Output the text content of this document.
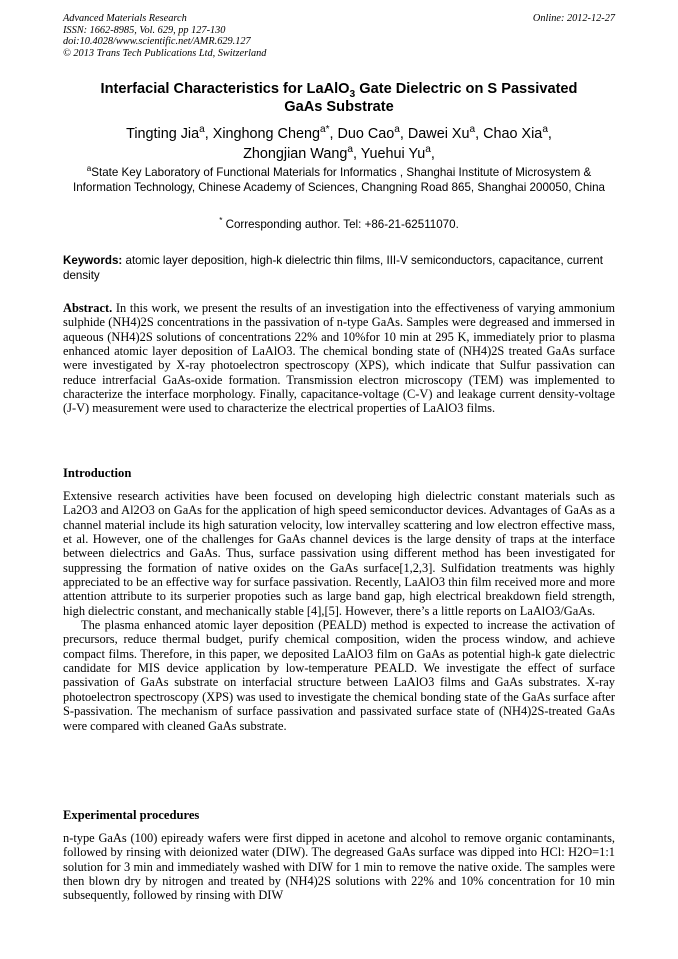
Advanced Materials Research
ISSN: 1662-8985, Vol. 629, pp 127-130
doi:10.4028/www.scientific.net/AMR.629.127
© 2013 Trans Tech Publications Ltd, Switzerland
Online: 2012-12-27
Interfacial Characteristics for LaAlO$_3$ Gate Dielectric on S Passivated
GaAs Substrate
Tingting Jia$^a$, Xinghong Cheng$^{a*}$, Duo Cao$^a$, Dawei Xu$^a$, Chao Xia$^a$,
Zhongjian Wang$^a$, Yuehui Yu$^a$,
$^a$State Key Laboratory of Functional Materials for Informatics , Shanghai Institute of Microsystem & Information Technology, Chinese Academy of Sciences, Changning Road 865, Shanghai 200050, China
* Corresponding author. Tel: +86-21-62511070.
Keywords: atomic layer deposition, high-k dielectric thin films, III-V semiconductors, capacitance, current density

Abstract. In this work, we present the results of an investigation into the effectiveness of varying ammonium sulphide (NH4)2S concentrations in the passivation of n-type GaAs. Samples were degreased and immersed in aqueous (NH4)2S solutions of concentrations 22% and 10%for 10 min at 295 K, immediately prior to plasma enhanced atomic layer deposition of LaAlO3. The chemical bonding state of (NH4)2S treated GaAs surface were investigated by X-ray photoelectron spectroscopy (XPS), which indicate that Sulfur passivation can reduce intrerfacial GaAs-oxide formation. Transmission electron microscopy (TEM) was implemented to characterize the interface morphology. Finally, capacitance-voltage (C-V) and leakage current density-voltage (J-V) measurement were used to characterize the electrical properties of LaAlO3 films.

Introduction

Extensive research activities have been focused on developing high dielectric constant materials such as La2O3 and Al2O3 on GaAs for the application of high speed semiconductor devices. Advantages of GaAs as a channel material include its high saturation velocity, low intervalley scattering and low electron effective mass, et al. However, one of the challenges for GaAs channel devices is the large density of traps at the interface between dielectrics and GaAs. Thus, surface passivation using different method has been investigated for suppressing the formation of native oxides on the GaAs surface[1,2,3]. Sulfidation treatments was highly appreciated to be an effective way for surface passivation. Recently, LaAlO3 thin film received more and more attention attribute to its surperier propoties such as large band gap, high electrical breakdown field strength, high dielectric constant, and mechanically stable [4],[5]. However, there’s a little reports on LaAlO3/GaAs.

The plasma enhanced atomic layer deposition (PEALD) method is expected to increase the activation of precursors, reduce thermal budget, purify chemical composition, widen the process window, and achieve compact films. Therefore, in this paper, we deposited LaAlO3 film on GaAs as potential high-k gate dielectric candidate for MIS device application by low-temperature PEALD. We investigate the effect of surface passivation of GaAs substrate on interfacial structure between LaAlO3 films and GaAs substrates. X-ray photoelectron spectroscopy (XPS) was used to investigate the chemical bonding state of the GaAs surface after S-passivation. The mechanism of surface passivation and passivated surface state of (NH4)2S-treated GaAs were compared with cleaned GaAs substrate.

Experimental procedures

n-type GaAs (100) epiready wafers were first dipped in acetone and alcohol to remove organic contaminants, followed by rinsing with deionized water (DIW). The degreased GaAs surface was dipped into HCl: H2O=1:1 solution for 3 min and immediately washed with DIW for 1 min to remove the native oxide. The samples were then blown dry by nitrogen and treated by (NH4)2S solutions with 22% and 10% concentration for 10 min subsequently, followed by rinsing with DIW
